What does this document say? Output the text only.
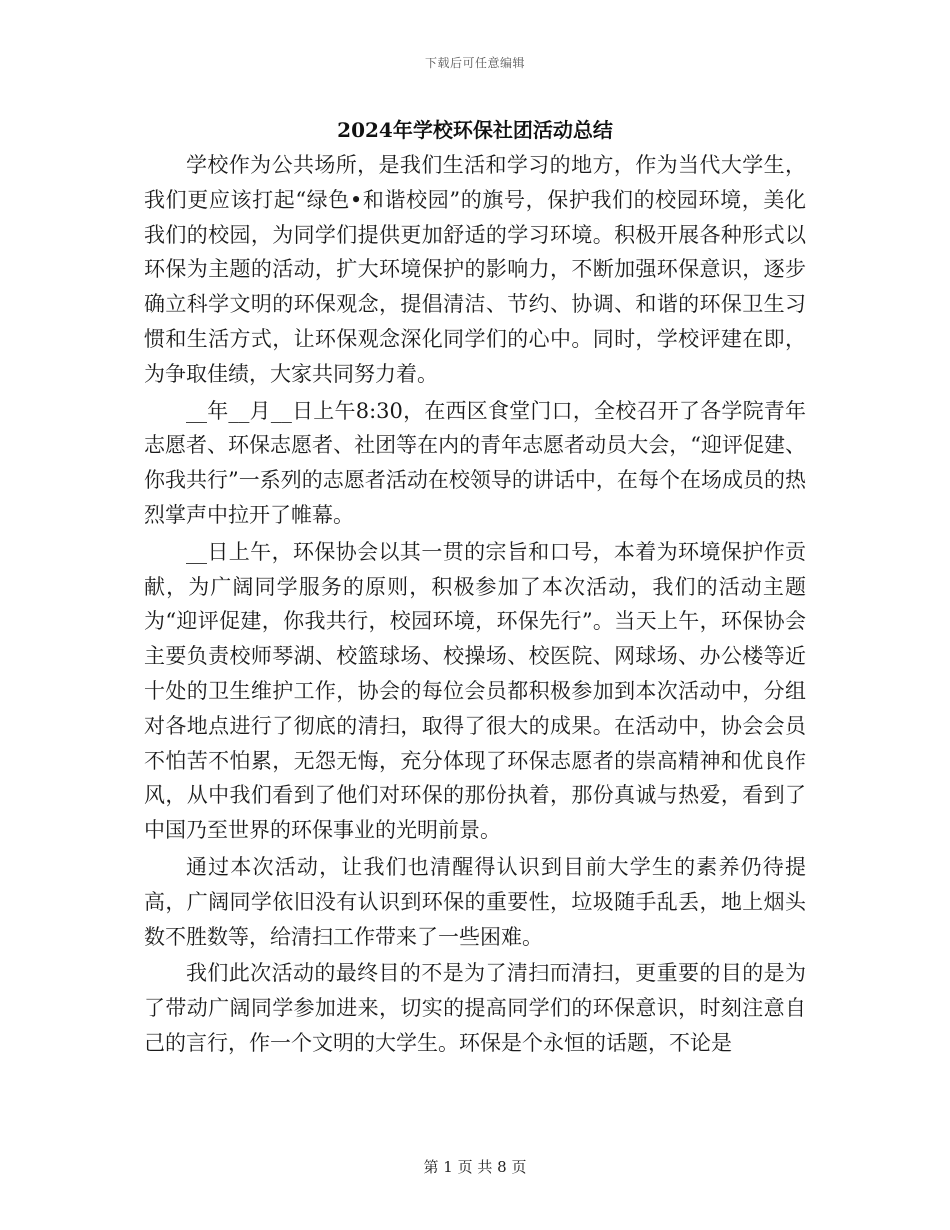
下载后可任意编辑
2024年学校环保社团活动总结

学校作为公共场所，是我们生活和学习的地方，作为当代大学生，我们更应该打起“绿色•和谐校园”的旗号，保护我们的校园环境，美化我们的校园，为同学们提供更加舒适的学习环境。积极开展各种形式以环保为主题的活动，扩大环境保护的影响力，不断加强环保意识，逐步确立科学文明的环保观念，提倡清洁、节约、协调、和谐的环保卫生习惯和生活方式，让环保观念深化同学们的心中。同时，学校评建在即，为争取佳绩，大家共同努力着。

__年__月__日上午8:30，在西区食堂门口，全校召开了各学院青年志愿者、环保志愿者、社团等在内的青年志愿者动员大会，“迎评促建、你我共行”一系列的志愿者活动在校领导的讲话中，在每个在场成员的热烈掌声中拉开了帷幕。

__日上午，环保协会以其一贯的宗旨和口号，本着为环境保护作贡献，为广阔同学服务的原则，积极参加了本次活动，我们的活动主题为“迎评促建，你我共行，校园环境，环保先行”。当天上午，环保协会主要负责校师琴湖、校篮球场、校操场、校医院、网球场、办公楼等近十处的卫生维护工作，协会的每位会员都积极参加到本次活动中，分组对各地点进行了彻底的清扫，取得了很大的成果。在活动中，协会会员不怕苦不怕累，无怨无悔，充分体现了环保志愿者的崇高精神和优良作风，从中我们看到了他们对环保的那份执着，那份真诚与热爱，看到了中国乃至世界的环保事业的光明前景。

通过本次活动，让我们也清醒得认识到目前大学生的素养仍待提高，广阔同学依旧没有认识到环保的重要性，垃圾随手乱丢，地上烟头数不胜数等，给清扫工作带来了一些困难。

我们此次活动的最终目的不是为了清扫而清扫，更重要的目的是为了带动广阔同学参加进来，切实的提高同学们的环保意识，时刻注意自己的言行，作一个文明的大学生。环保是个永恒的话题，不论是

第 1 页 共 8 页
